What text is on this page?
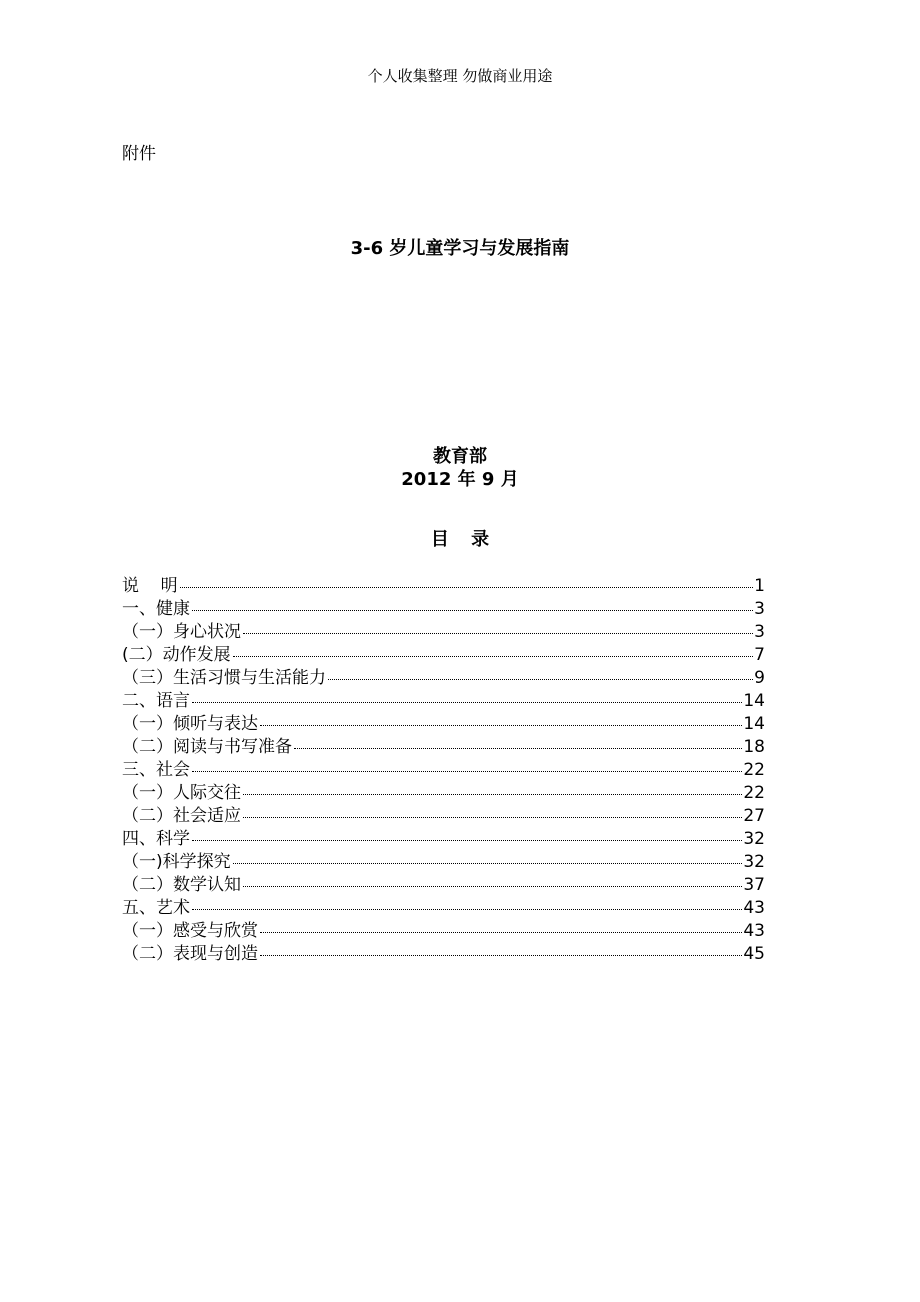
个人收集整理 勿做商业用途
附件
3-6 岁儿童学习与发展指南
教育部
2012 年 9 月
目 录
说    明	1
一、健康	3
（一）身心状况	3
(二）动作发展	7
（三）生活习惯与生活能力	9
二、语言	14
（一）倾听与表达	14
（二）阅读与书写准备	18
三、社会	22
（一）人际交往	22
（二）社会适应	27
四、科学	32
（一)科学探究	32
（二）数学认知	37
五、艺术	43
（一）感受与欣赏	43
（二）表现与创造	45
